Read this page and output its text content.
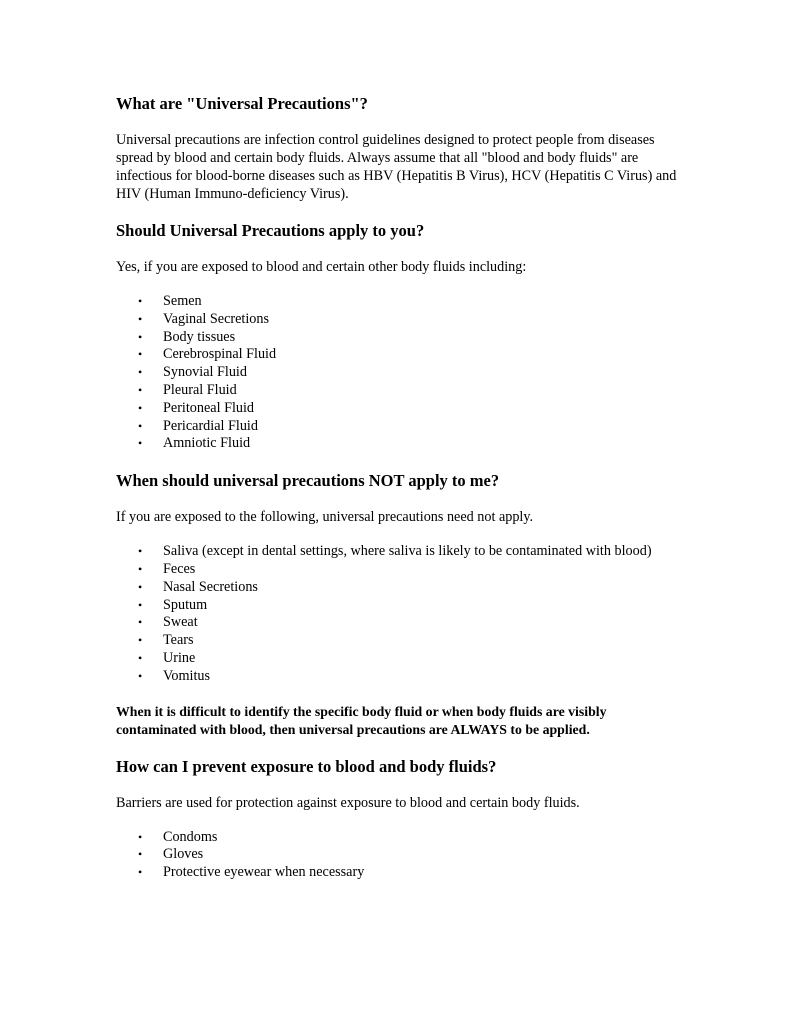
What are "Universal Precautions"?

Universal precautions are infection control guidelines designed to protect people from diseases spread by blood and certain body fluids. Always assume that all "blood and body fluids" are infectious for blood-borne diseases such as HBV (Hepatitis B Virus), HCV (Hepatitis C Virus) and HIV (Human Immuno-deficiency Virus).

Should Universal Precautions apply to you?

Yes, if you are exposed to blood and certain other body fluids including:

• Semen
• Vaginal Secretions
• Body tissues
• Cerebrospinal Fluid
• Synovial Fluid
• Pleural Fluid
• Peritoneal Fluid
• Pericardial Fluid
• Amniotic Fluid
When should universal precautions NOT apply to me?

If you are exposed to the following, universal precautions need not apply.

• Saliva (except in dental settings, where saliva is likely to be contaminated with blood)
• Feces
• Nasal Secretions
• Sputum
• Sweat
• Tears
• Urine
• Vomitus

When it is difficult to identify the specific body fluid or when body fluids are visibly contaminated with blood, then universal precautions are ALWAYS to be applied.

How can I prevent exposure to blood and body fluids?

Barriers are used for protection against exposure to blood and certain body fluids.

• Condoms
• Gloves
• Protective eyewear when necessary
